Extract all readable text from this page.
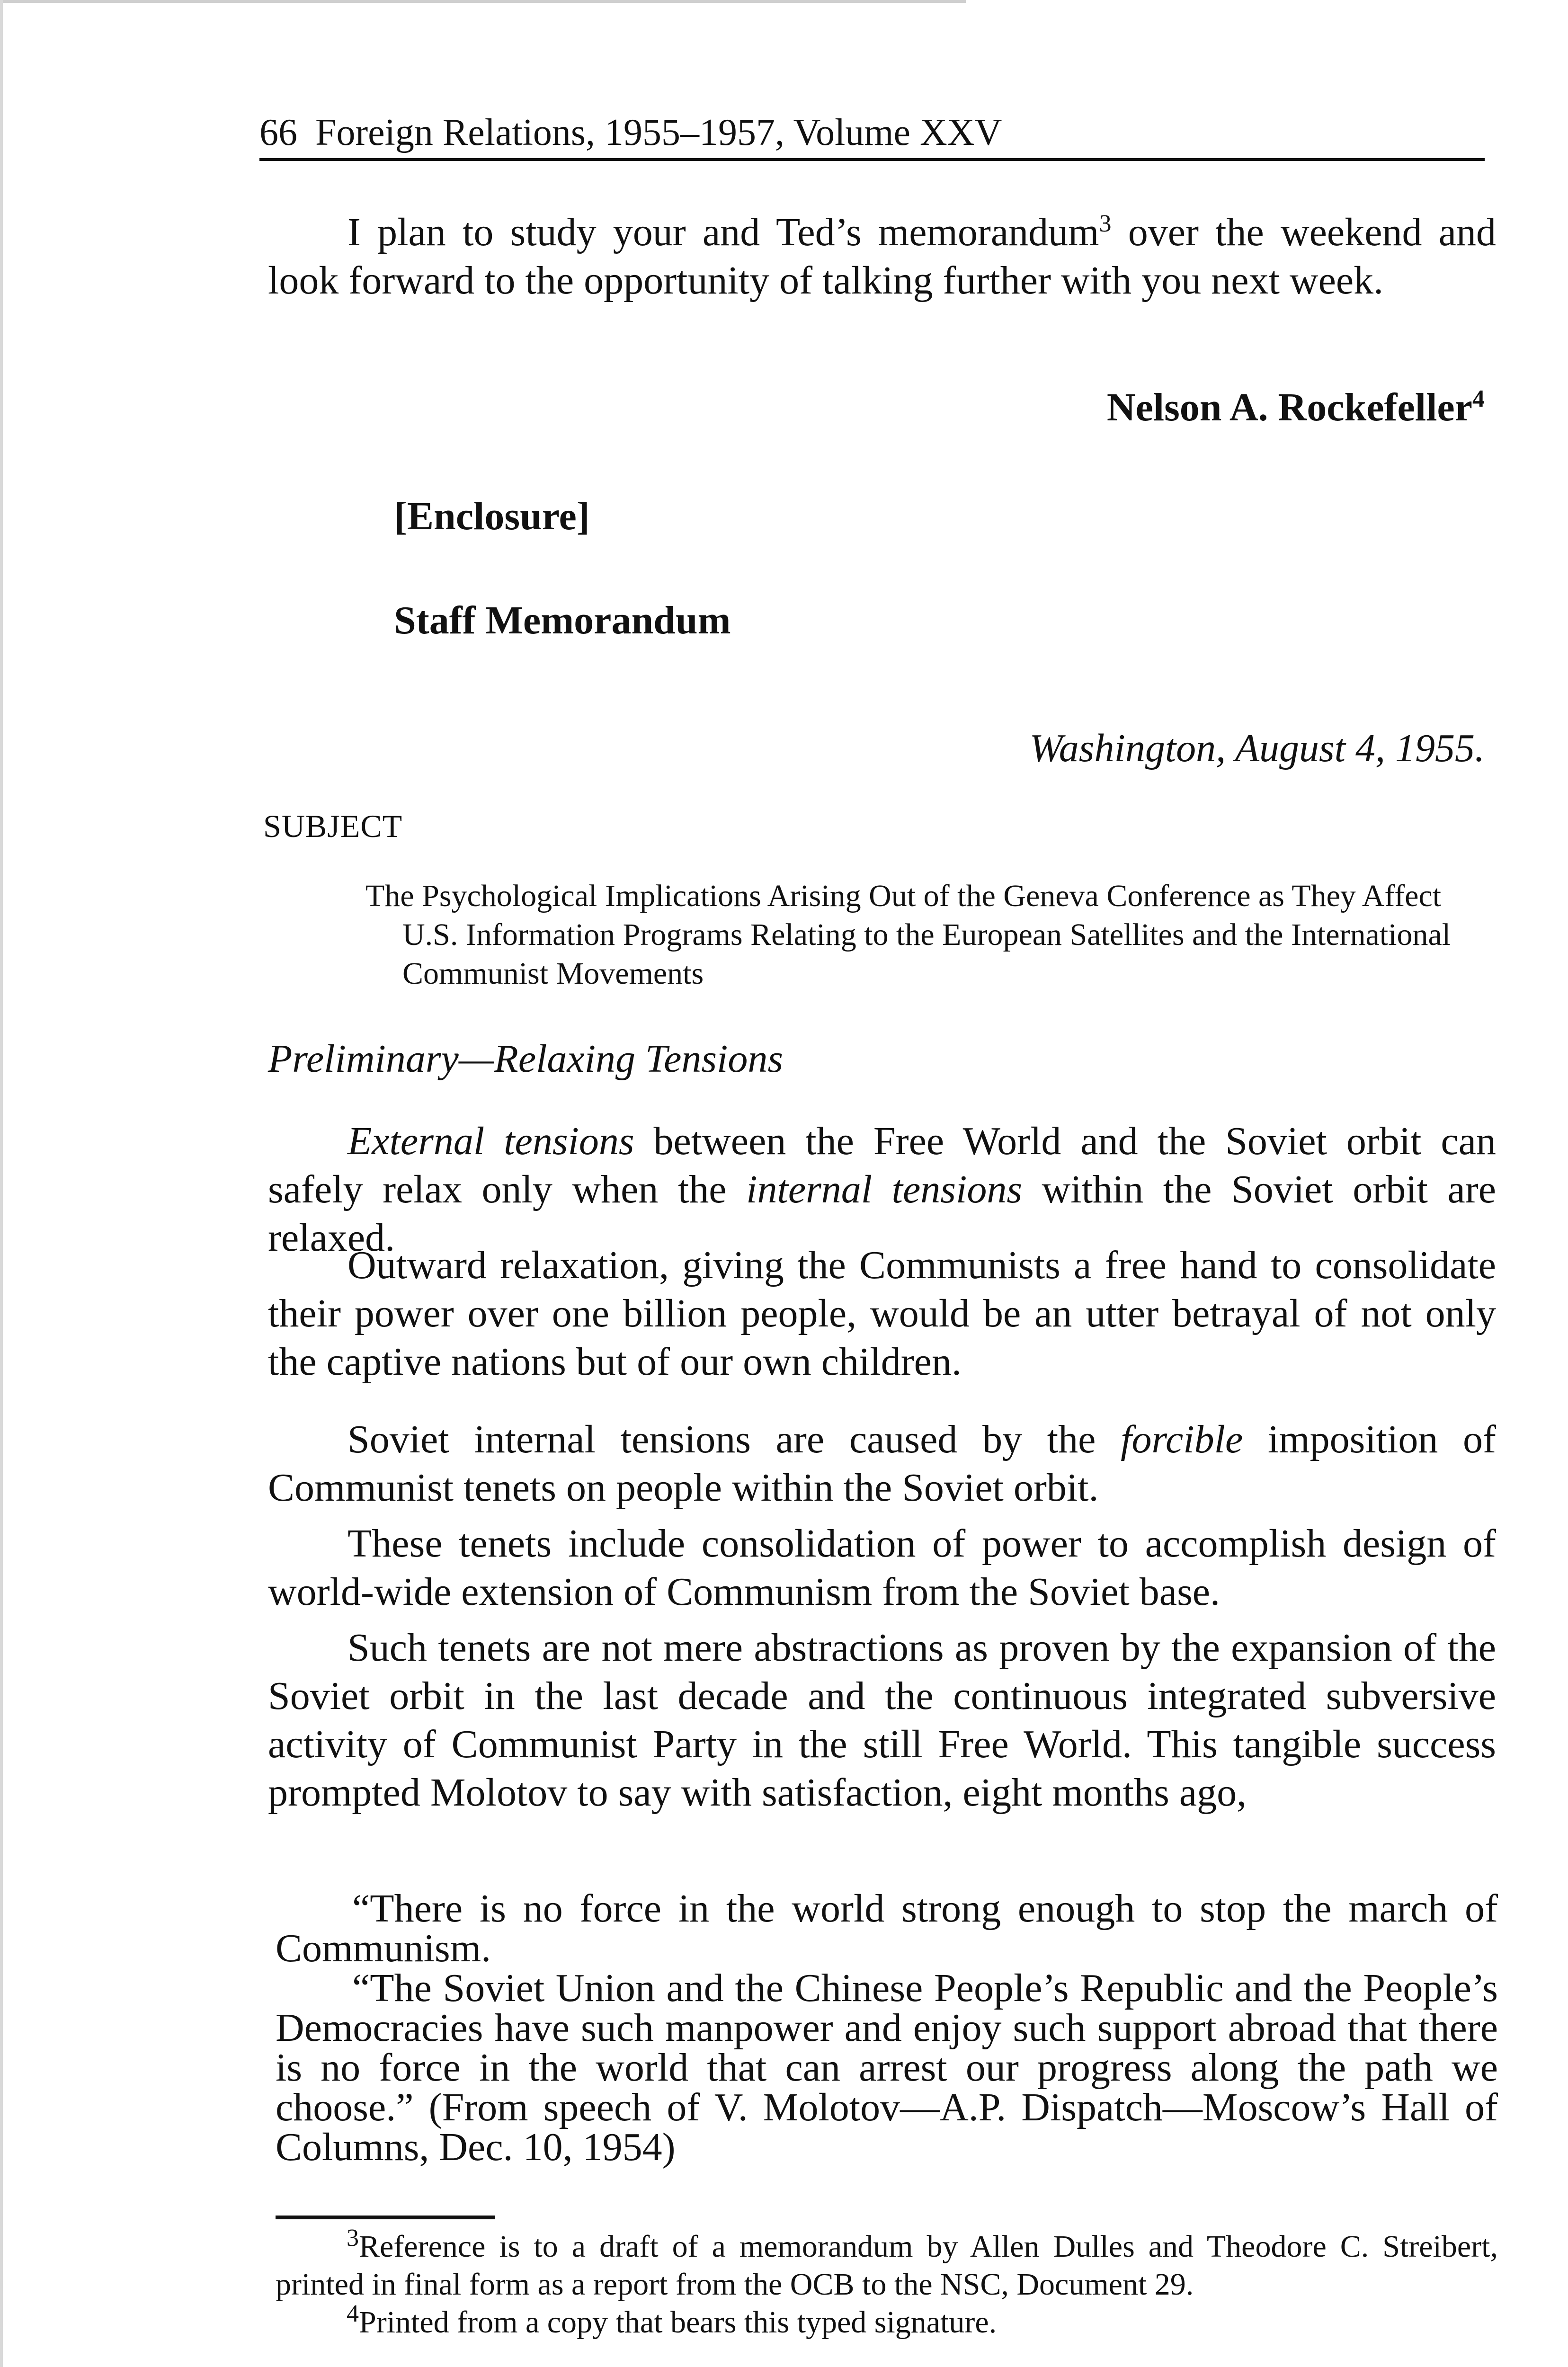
66 Foreign Relations, 1955–1957, Volume XXV

I plan to study your and Ted’s memorandum$^3$ over the weekend and look forward to the opportunity of talking further with you next week.

Nelson A. Rockefeller$^4$
[Enclosure]
Staff Memorandum
Washington, August 4, 1955.
SUBJECT

The Psychological Implications Arising Out of the Geneva Conference as They Affect U.S. Information Programs Relating to the European Satellites and the International Communist Movements

Preliminary—Relaxing Tensions

External tensions between the Free World and the Soviet orbit can safely relax only when the internal tensions within the Soviet orbit are relaxed.

Outward relaxation, giving the Communists a free hand to consolidate their power over one billion people, would be an utter betrayal of not only the captive nations but of our own children.

Soviet internal tensions are caused by the forcible imposition of Communist tenets on people within the Soviet orbit.

These tenets include consolidation of power to accomplish design of world-wide extension of Communism from the Soviet base.

Such tenets are not mere abstractions as proven by the expansion of the Soviet orbit in the last decade and the continuous integrated subversive activity of Communist Party in the still Free World. This tangible success prompted Molotov to say with satisfaction, eight months ago,

“There is no force in the world strong enough to stop the march of Communism.

“The Soviet Union and the Chinese People’s Republic and the People’s Democracies have such manpower and enjoy such support abroad that there is no force in the world that can arrest our progress along the path we choose.” (From speech of V. Molotov—A.P. Dispatch—Moscow’s Hall of Columns, Dec. 10, 1954)

$^3$Reference is to a draft of a memorandum by Allen Dulles and Theodore C. Streibert, printed in final form as a report from the OCB to the NSC, Document 29.

$^4$Printed from a copy that bears this typed signature.
